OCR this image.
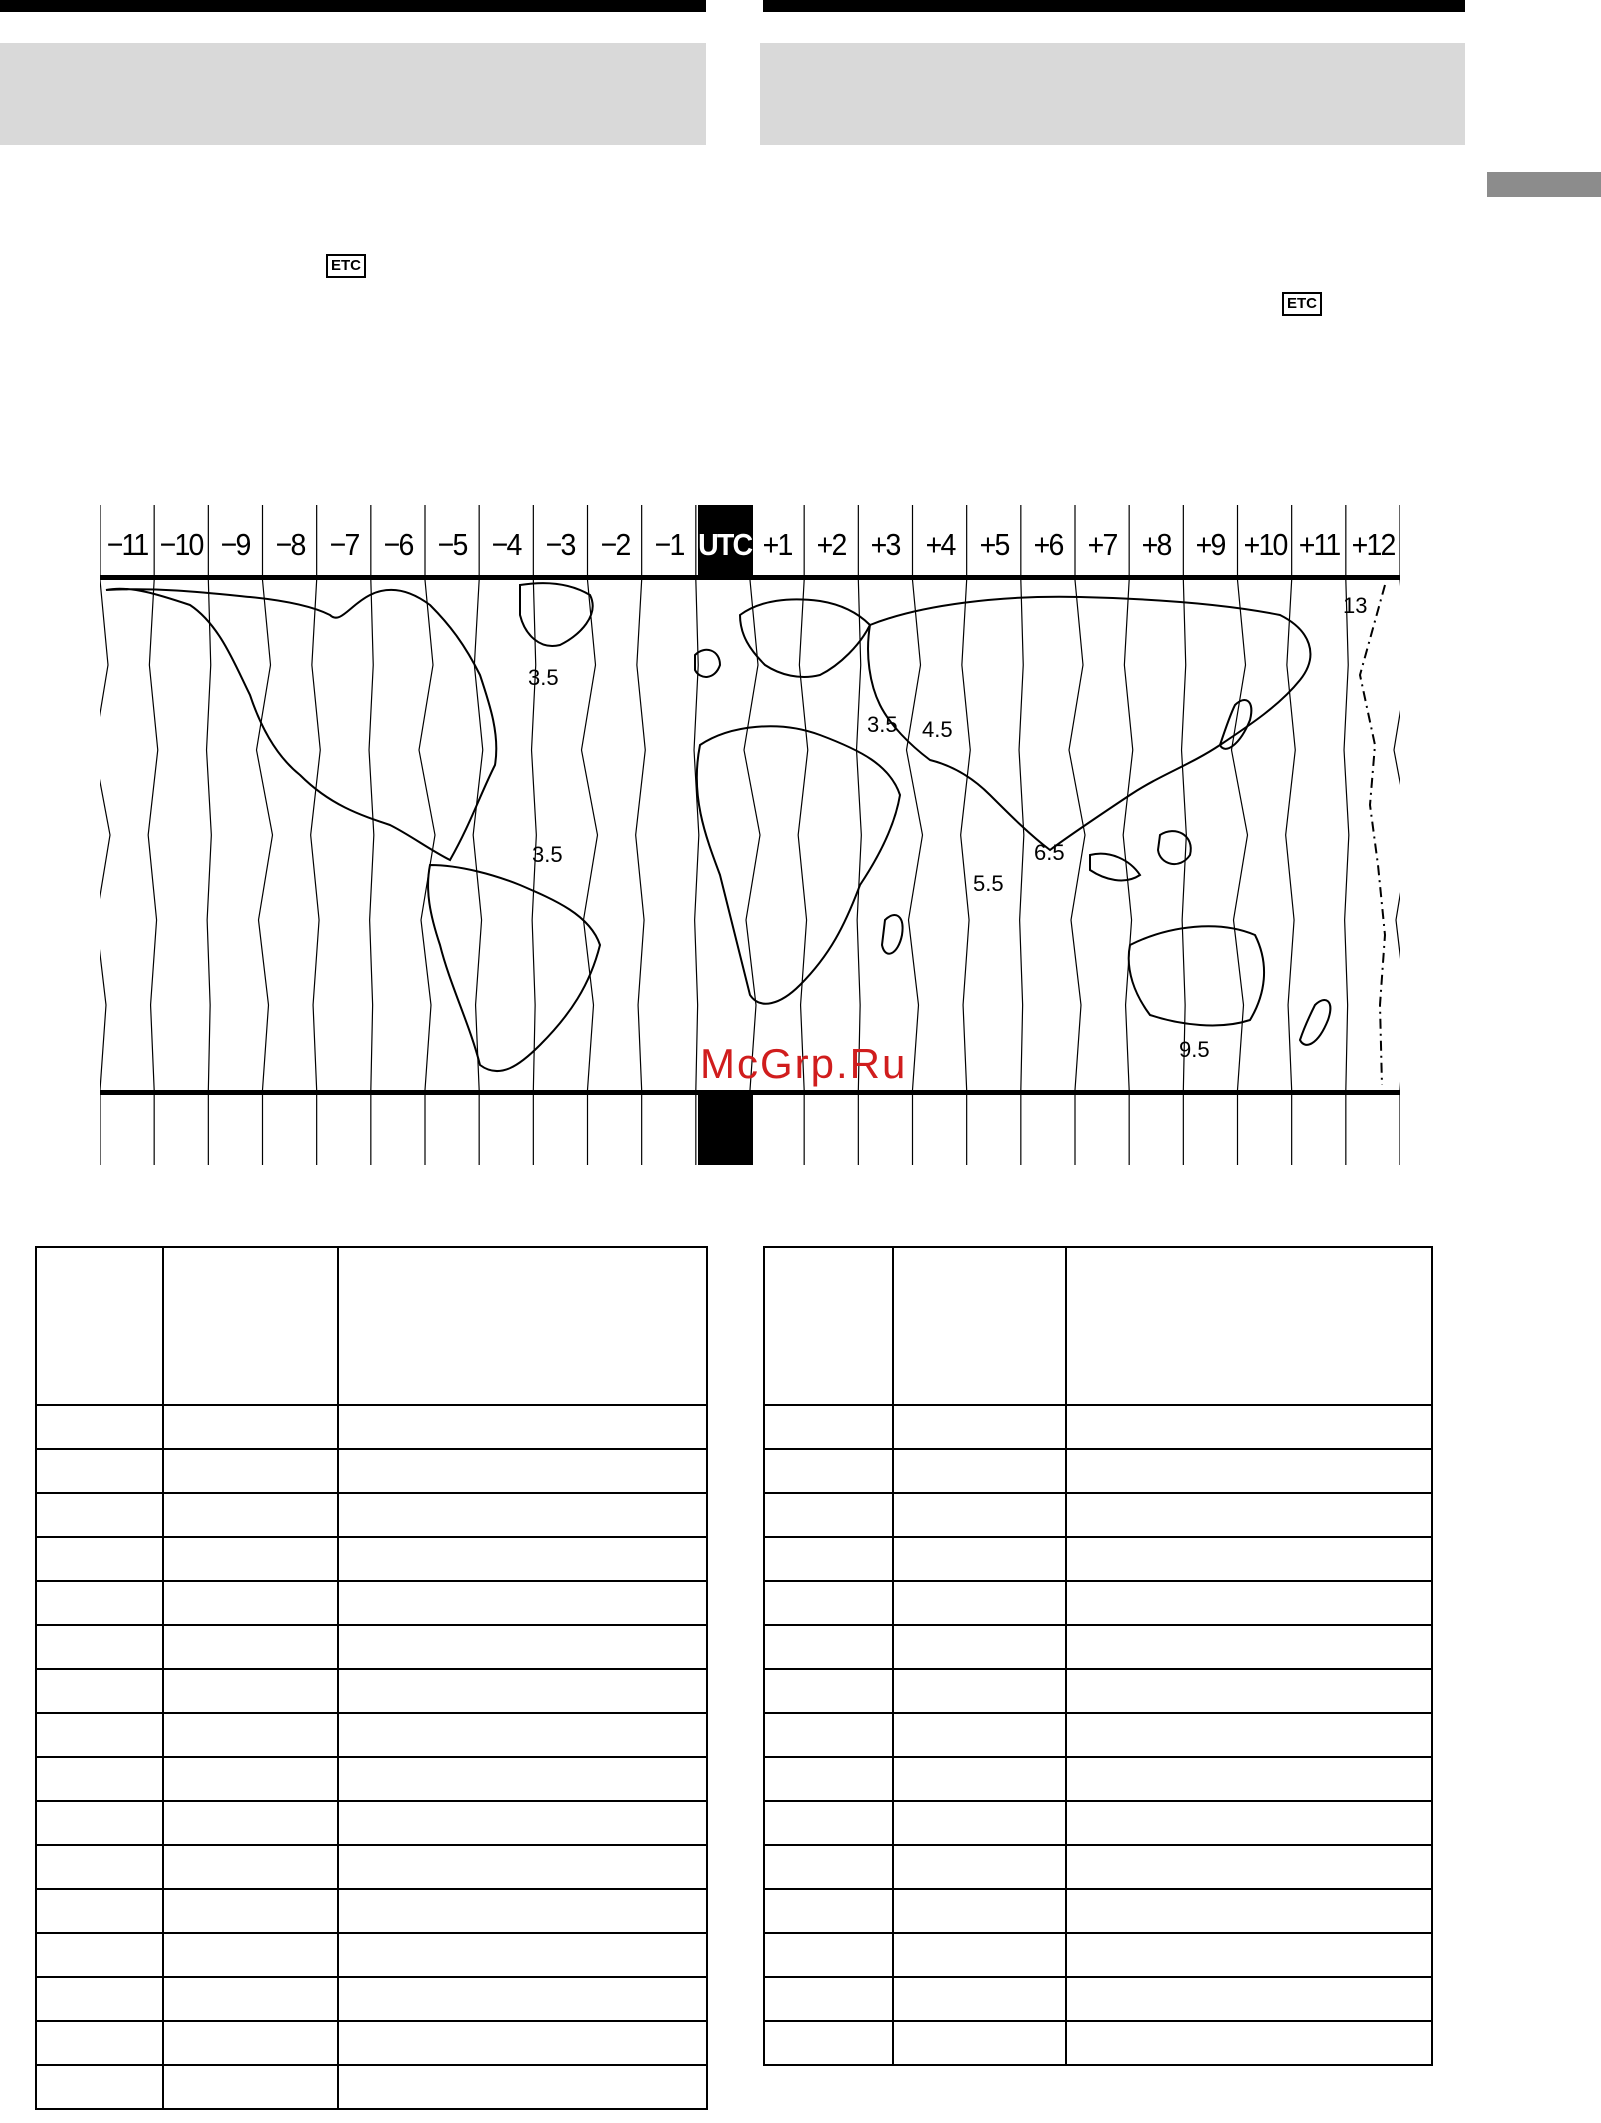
ETC
ETC
−11 −10 −9 −8 −7 −6 −5 −4 −3 −2 −1 UTC +1 +2 +3 +4 +5 +6 +7 +8 +9 +10 +11 +12
3.5
3.5
3.5 4.5
5.5
6.5
9.5
13
McGrp.Ru
